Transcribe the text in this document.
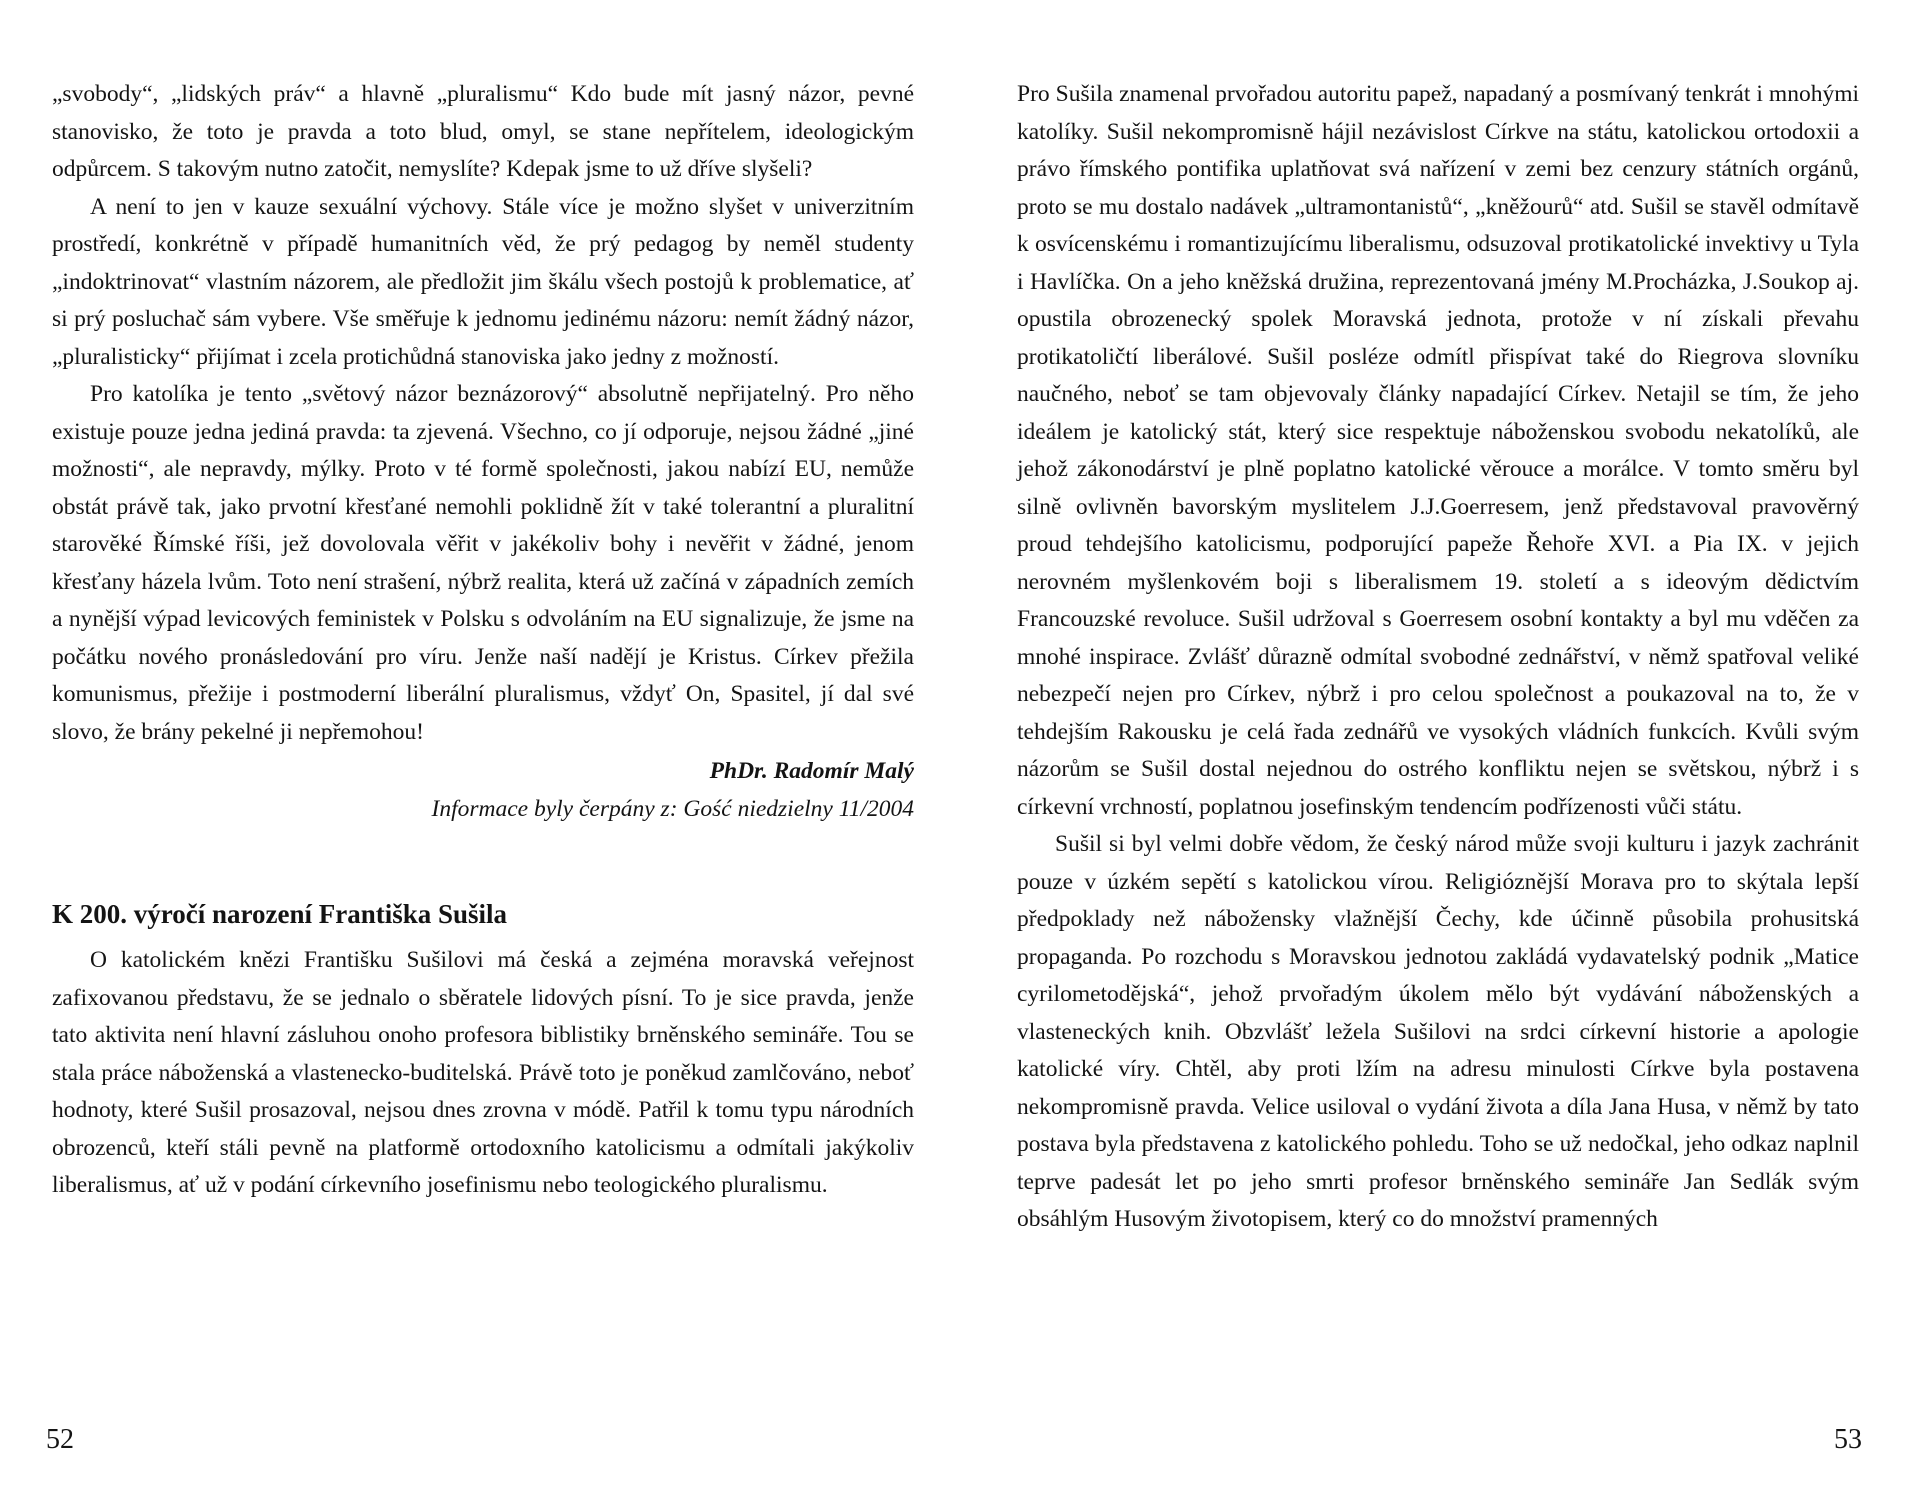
„svobody“, „lidských práv“ a hlavně „pluralismu“ Kdo bude mít jasný názor, pevné stanovisko, že toto je pravda a toto blud, omyl, se stane nepřítelem, ideologickým odpůrcem. S takovým nutno zatočit, nemyslíte? Kdepak jsme to už dříve slyšeli?

A není to jen v kauze sexuální výchovy. Stále více je možno slyšet v univerzitním prostředí, konkrétně v případě humanitních věd, že prý pedagog by neměl studenty „indoktrinovat“ vlastním názorem, ale předložit jim škálu všech postojů k problematice, ať si prý posluchač sám vybere. Vše směřuje k jednomu jedinému názoru: nemít žádný názor, „pluralisticky“ přijímat i zcela protichůdná stanoviska jako jedny z možností.

Pro katolíka je tento „světový názor beznázorový“ absolutně nepřijatelný. Pro něho existuje pouze jedna jediná pravda: ta zjevená. Všechno, co jí odporuje, nejsou žádné „jiné možnosti“, ale nepravdy, mýlky. Proto v té formě společnosti, jakou nabízí EU, nemůže obstát právě tak, jako prvotní křesťané nemohli poklidně žít v také tolerantní a pluralitní starověké Římské říši, jež dovolovala věřit v jakékoliv bohy i nevěřit v žádné, jenom křesťany házela lvům. Toto není strašení, nýbrž realita, která už začíná v západních zemích a nynější výpad levicových feministek v Polsku s odvoláním na EU signalizuje, že jsme na počátku nového pronásledování pro víru. Jenže naší nadějí je Kristus. Církev přežila komunismus, přežije i postmoderní liberální pluralismus, vždyť On, Spasitel, jí dal své slovo, že brány pekelné ji nepřemohou!

PhDr. Radomír Malý

Informace byly čerpány z: Gość niedzielny 11/2004

K 200. výročí narození Františka Sušila

O katolickém knězi Františku Sušilovi má česká a zejména moravská veřejnost zafixovanou představu, že se jednalo o sběratele lidových písní. To je sice pravda, jenže tato aktivita není hlavní zásluhou onoho profesora biblistiky brněnského semináře. Tou se stala práce náboženská a vlastenecko-buditelská. Právě toto je poněkud zamlčováno, neboť hodnoty, které Sušil prosazoval, nejsou dnes zrovna v módě. Patřil k tomu typu národních obrozenců, kteří stáli pevně na platformě ortodoxního katolicismu a odmítali jakýkoliv liberalismus, ať už v podání církevního josefinismu nebo teologického pluralismu.

52

Pro Sušila znamenal prvořadou autoritu papež, napadaný a posmívaný tenkrát i mnohými katolíky. Sušil nekompromisně hájil nezávislost Církve na státu, katolickou ortodoxii a právo římského pontifika uplatňovat svá nařízení v zemi bez cenzury státních orgánů, proto se mu dostalo nadávek „ultramontanistů“, „kněžourů“ atd. Sušil se stavěl odmítavě k osvícenskému i romantizujícímu liberalismu, odsuzoval protikatolické invektivy u Tyla i Havlíčka. On a jeho kněžská družina, reprezentovaná jmény M.Procházka, J.Soukop aj. opustila obrozenecký spolek Moravská jednota, protože v ní získali převahu protikatoličtí liberálové. Sušil posléze odmítl přispívat také do Riegrova slovníku naučného, neboť se tam objevovaly články napadající Církev. Netajil se tím, že jeho ideálem je katolický stát, který sice respektuje náboženskou svobodu nekatolíků, ale jehož zákonodárství je plně poplatno katolické věrouce a morálce. V tomto směru byl silně ovlivněn bavorským myslitelem J.J.Goerresem, jenž představoval pravověrný proud tehdejšího katolicismu, podporující papeže Řehoře XVI. a Pia IX. v jejich nerovném myšlenkovém boji s liberalismem 19. století a s ideovým dědictvím Francouzské revoluce. Sušil udržoval s Goerresem osobní kontakty a byl mu vděčen za mnohé inspirace. Zvlášť důrazně odmítal svobodné zednářství, v němž spatřoval veliké nebezpečí nejen pro Církev, nýbrž i pro celou společnost a poukazoval na to, že v tehdejším Rakousku je celá řada zednářů ve vysokých vládních funkcích. Kvůli svým názorům se Sušil dostal nejednou do ostrého konfliktu nejen se světskou, nýbrž i s církevní vrchností, poplatnou josefinským tendencím podřízenosti vůči státu.

Sušil si byl velmi dobře vědom, že český národ může svoji kulturu i jazyk zachránit pouze v úzkém sepětí s katolickou vírou. Religióznější Morava pro to skýtala lepší předpoklady než nábožensky vlažnější Čechy, kde účinně působila prohusitská propaganda. Po rozchodu s Moravskou jednotou zakládá vydavatelský podnik „Matice cyrilometodějská“, jehož prvořadým úkolem mělo být vydávání náboženských a vlasteneckých knih. Obzvlášť ležela Sušilovi na srdci církevní historie a apologie katolické víry. Chtěl, aby proti lžím na adresu minulosti Církve byla postavena nekompromisně pravda. Velice usiloval o vydání života a díla Jana Husa, v němž by tato postava byla představena z katolického pohledu. Toho se už nedočkal, jeho odkaz naplnil teprve padesát let po jeho smrti profesor brněnského semináře Jan Sedlák svým obsáhlým Husovým životopisem, který co do množství pramenných

53
